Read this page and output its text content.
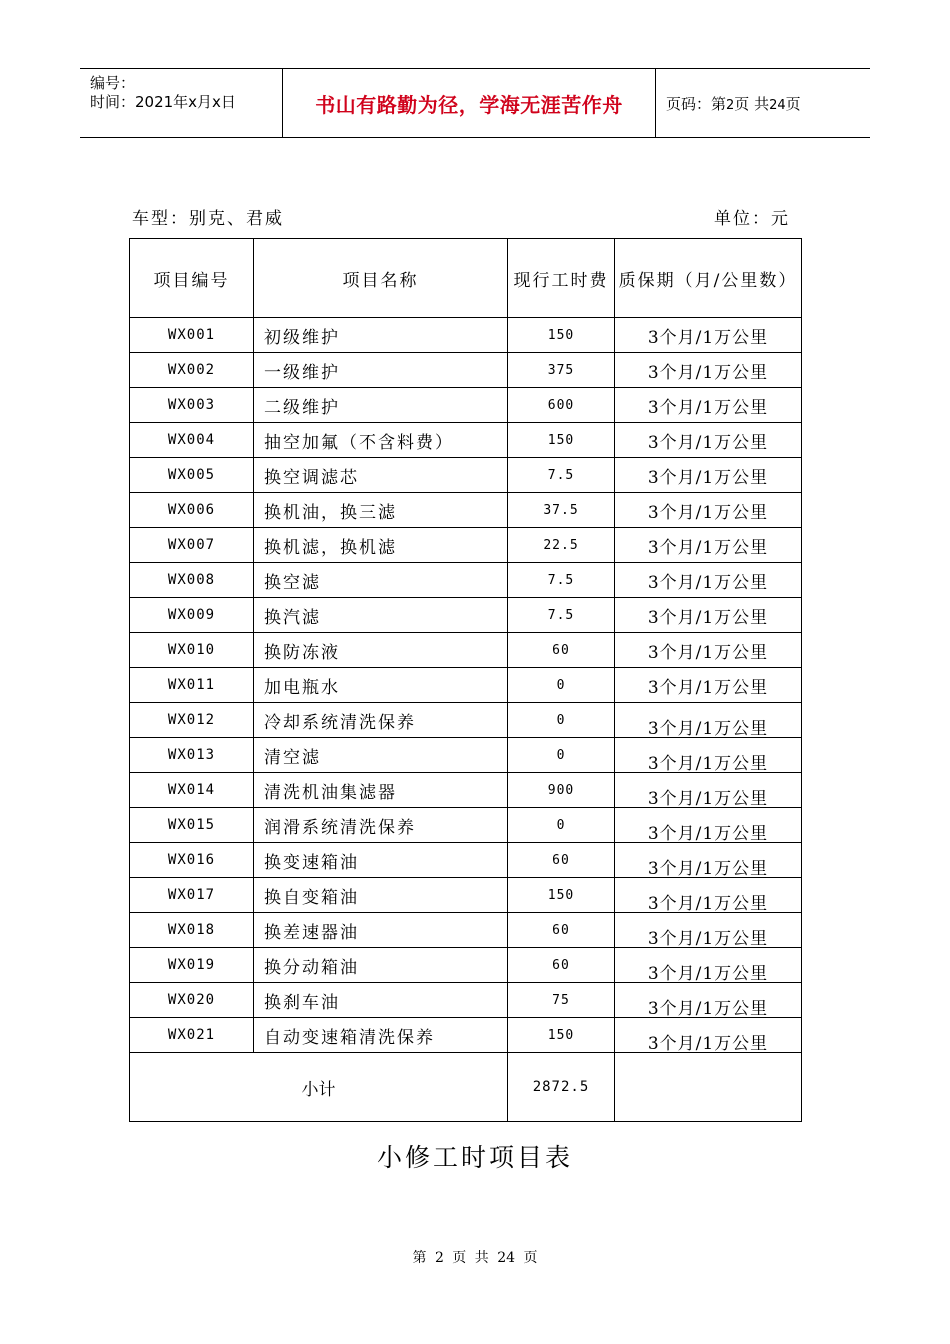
编号：
时间：2021年x月x日	书山有路勤为径，学海无涯苦作舟	页码：第2页 共24页
车型：别克、君威	单位：元
项目编号	项目名称	现行工时费	质保期（月/公里数）
WX001	初级维护	150	3个月/1万公里
WX002	一级维护	375	3个月/1万公里
WX003	二级维护	600	3个月/1万公里
WX004	抽空加氟（不含料费）	150	3个月/1万公里
WX005	换空调滤芯	7.5	3个月/1万公里
WX006	换机油，换三滤	37.5	3个月/1万公里
WX007	换机滤，换机滤	22.5	3个月/1万公里
WX008	换空滤	7.5	3个月/1万公里
WX009	换汽滤	7.5	3个月/1万公里
WX010	换防冻液	60	3个月/1万公里
WX011	加电瓶水	0	3个月/1万公里
WX012	冷却系统清洗保养	0	3个月/1万公里
WX013	清空滤	0	3个月/1万公里
WX014	清洗机油集滤器	900	3个月/1万公里
WX015	润滑系统清洗保养	0	3个月/1万公里
WX016	换变速箱油	60	3个月/1万公里
WX017	换自变箱油	150	3个月/1万公里
WX018	换差速器油	60	3个月/1万公里
WX019	换分动箱油	60	3个月/1万公里
WX020	换刹车油	75	3个月/1万公里
WX021	自动变速箱清洗保养	150	3个月/1万公里
小计		2872.5	
小修工时项目表
第 2 页 共 24 页
